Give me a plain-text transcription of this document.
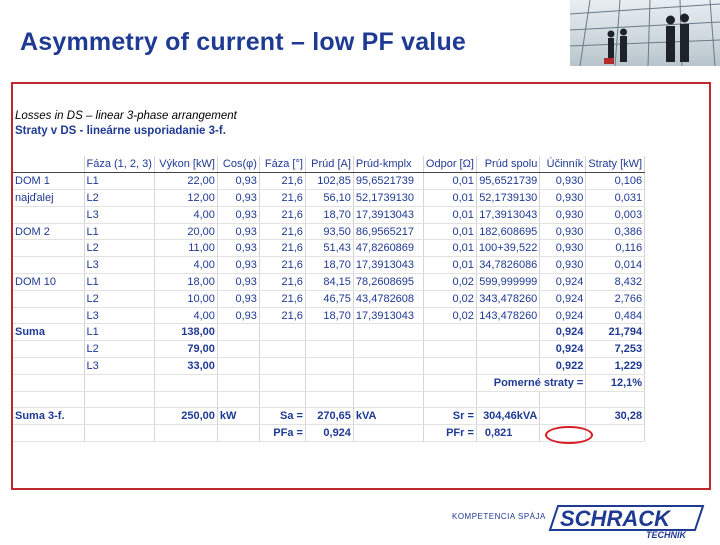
Asymmetry of current – low PF value
Losses in DS – linear 3-phase arrangement
Straty v DS - lineárne usporiadanie 3-f.
	Fáza (1, 2, 3)	Výkon [kW]	Cos(φ)	Fáza [°]	Prúd [A]	Prúd-kmplx	Odpor [Ω]	Prúd spolu	Účinník	Straty [kW]
DOM 1	L1	22,00	0,93	21,6	102,85	95,6521739	0,01	95,6521739	0,930	0,106
najďalej	L2	12,00	0,93	21,6	56,10	52,1739130	0,01	52,1739130	0,930	0,031
	L3	4,00	0,93	21,6	18,70	17,3913043	0,01	17,3913043	0,930	0,003
DOM 2	L1	20,00	0,93	21,6	93,50	86,9565217	0,01	182,608695	0,930	0,386
	L2	11,00	0,93	21,6	51,43	47,8260869	0,01	100+39,522	0,930	0,116
	L3	4,00	0,93	21,6	18,70	17,3913043	0,01	34,7826086	0,930	0,014
DOM 10	L1	18,00	0,93	21,6	84,15	78,2608695	0,02	599,999999	0,924	8,432
	L2	10,00	0,93	21,6	46,75	43,4782608	0,02	343,478260	0,924	2,766
	L3	4,00	0,93	21,6	18,70	17,3913043	0,02	143,478260	0,924	0,484
Suma	L1	138,00							0,924	21,794
	L2	79,00							0,924	7,253
	L3	33,00							0,922	1,229
								Pomerné straty =		12,1%

Suma 3-f.		250,00	kW	Sa =	270,65	kVA	Sr =	304,46kVA		30,28
				PFa =	0,924		PFr =	0,821		
KOMPETENCIA SPÁJA SCHRACK
TECHNIK
